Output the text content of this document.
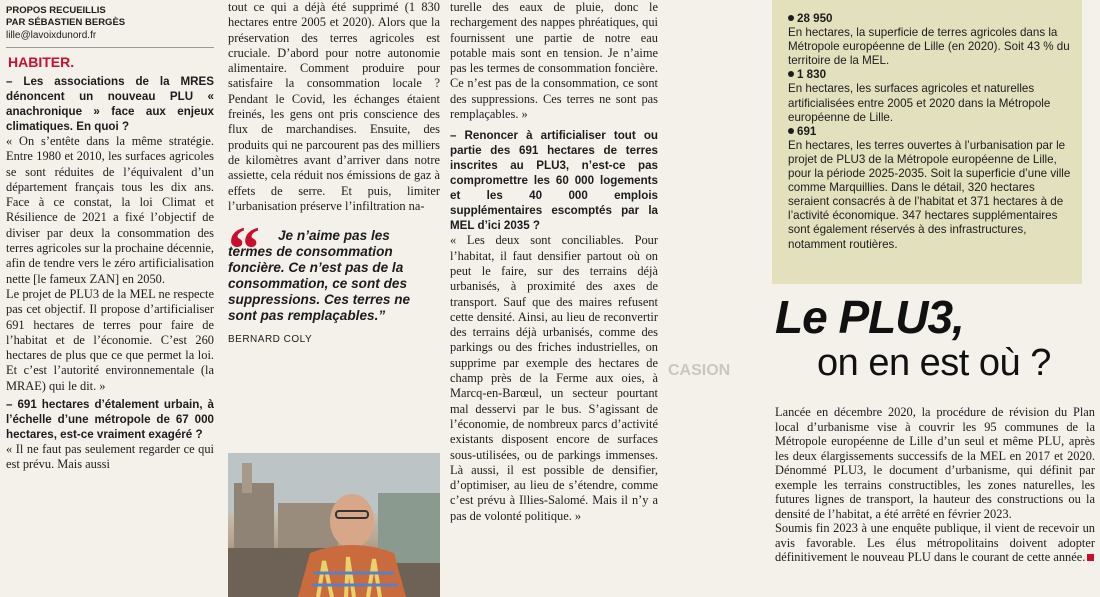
PROPOS RECUEILLIS
PAR SÉBASTIEN BERGÈS
lille@lavoixdunord.fr
HABITER.

– Les associations de la MRES dénoncent un nouveau PLU « anachronique » face aux enjeux climatiques. En quoi ?

« On s’entête dans la même stratégie. Entre 1980 et 2010, les surfaces agricoles se sont réduites de l’équivalent d’un département français tous les dix ans. Face à ce constat, la loi Climat et Résilience de 2021 a fixé l’objectif de diviser par deux la consommation des terres agricoles sur la prochaine décennie, afin de tendre vers le zéro artificialisation nette [le fameux ZAN] en 2050.

Le projet de PLU3 de la MEL ne respecte pas cet objectif. Il propose d’artificialiser 691 hectares de terres pour faire de l’habitat et de l’économie. C’est 260 hectares de plus que ce que permet la loi. Et c’est l’autorité environnementale (la MRAE) qui le dit. »

– 691 hectares d’étalement urbain, à l’échelle d’une métropole de 67 000 hectares, est-ce vraiment exagéré ?

« Il ne faut pas seulement regarder ce qui est prévu. Mais aussi

tout ce qui a déjà été supprimé (1 830 hectares entre 2005 et 2020). Alors que la préservation des terres agricoles est cruciale. D’abord pour notre autonomie alimentaire. Comment produire pour satisfaire la consommation locale ? Pendant le Covid, les échanges étaient freinés, les gens ont pris conscience des flux de marchandises. Ensuite, des produits qui ne parcourent pas des milliers de kilomètres avant d’arriver dans notre assiette, cela réduit nos émissions de gaz à effets de serre. Et puis, limiter l’urbanisation préserve l’infiltration na-

“	Je n’aime pas les
termes de consommation foncière. Ce n’est pas de la consommation, ce sont des suppressions. Ces terres ne sont pas remplaçables.”
BERNARD COLY

turelle des eaux de pluie, donc le rechargement des nappes phréatiques, qui fournissent une partie de notre eau potable mais sont en tension. Je n’aime pas les termes de consommation foncière. Ce n’est pas de la consommation, ce sont des suppressions. Ces terres ne sont pas remplaçables. »

– Renoncer à artificialiser tout ou partie des 691 hectares de terres inscrites au PLU3, n’est-ce pas compromettre les 60 000 logements et les 40 000 emplois supplémentaires escomptés par la MEL d’ici 2035 ?

« Les deux sont conciliables. Pour l’habitat, il faut densifier partout où on peut le faire, sur des terrains déjà urbanisés, à proximité des axes de transport. Sauf que des maires refusent cette densité. Ainsi, au lieu de reconvertir des terrains déjà urbanisés, comme des parkings ou des friches industrielles, on supprime par exemple des hectares de champ près de la Ferme aux oies, à Marcq-en-Barœul, un secteur pourtant mal desservi par le bus. S’agissant de l’économie, de nombreux parcs d’activité existants disposent encore de surfaces sous-utilisées, ou de parkings immenses. Là aussi, il est possible de densifier, d’optimiser, au lieu de s’étendre, comme c’est prévu à Illies-Salomé. Mais il n’y a pas de volonté politique. »

28 950

En hectares, la superficie de terres agricoles dans la Métropole européenne de Lille (en 2020). Soit 43 % du territoire de la MEL.

1 830

En hectares, les surfaces agricoles et naturelles artificialisées entre 2005 et 2020 dans la Métropole européenne de Lille.

691

En hectares, les terres ouvertes à l’urbanisation par le projet de PLU3 de la Métropole européenne de Lille, pour la période 2025-2035. Soit la superficie d’une ville comme Marquillies. Dans le détail, 320 hectares seraient consacrés à de l’habitat et 371 hectares à de l’activité économique. 347 hectares supplémentaires sont également réservés à des infrastructures, notamment routières.

CASION
Le PLU3,
on en est où ?

Lancée en décembre 2020, la procédure de révision du Plan local d’urbanisme vise à couvrir les 95 communes de la Métropole européenne de Lille d’un seul et même PLU, après les deux élargissements successifs de la MEL en 2017 et 2020. Dénommé PLU3, le document d’urbanisme, qui définit par exemple les terrains constructibles, les zones naturelles, les futures lignes de transport, la hauteur des constructions ou la densité de l’habitat, a été arrêté en février 2023.

Soumis fin 2023 à une enquête publique, il vient de recevoir un avis favorable. Les élus métropolitains doivent adopter définitivement le nouveau PLU dans le courant de cette année.
